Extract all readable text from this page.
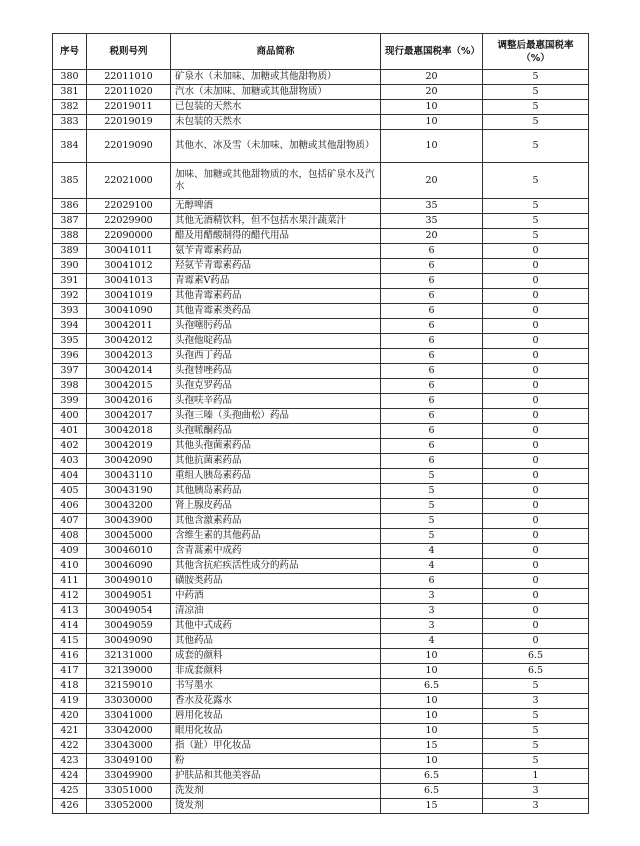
序号	税则号列	商品简称	现行最惠国税率（%）	调整后最惠国税率（%）
380	22011010	矿泉水（未加味、加糖或其他甜物质）	20	5
381	22011020	汽水（未加味、加糖或其他甜物质）	20	5
382	22019011	已包装的天然水	10	5
383	22019019	未包装的天然水	10	5
384	22019090	其他水、冰及雪（未加味、加糖或其他甜物质）	10	5
385	22021000	加味、加糖或其他甜物质的水，包括矿泉水及汽水	20	5
386	22029100	无醇啤酒	35	5
387	22029900	其他无酒精饮料，但不包括水果汁蔬菜汁	35	5
388	22090000	醋及用醋酸制得的醋代用品	20	5
389	30041011	氨苄青霉素药品	6	0
390	30041012	羟氨苄青霉素药品	6	0
391	30041013	青霉素V药品	6	0
392	30041019	其他青霉素药品	6	0
393	30041090	其他青霉素类药品	6	0
394	30042011	头孢噻肟药品	6	0
395	30042012	头孢他啶药品	6	0
396	30042013	头孢西丁药品	6	0
397	30042014	头孢替唑药品	6	0
398	30042015	头孢克罗药品	6	0
399	30042016	头孢呋辛药品	6	0
400	30042017	头孢三嗪（头孢曲松）药品	6	0
401	30042018	头孢哌酮药品	6	0
402	30042019	其他头孢菌素药品	6	0
403	30042090	其他抗菌素药品	6	0
404	30043110	重组人胰岛素药品	5	0
405	30043190	其他胰岛素药品	5	0
406	30043200	肾上腺皮药品	5	0
407	30043900	其他含激素药品	5	0
408	30045000	含维生素的其他药品	5	0
409	30046010	含青蒿素中成药	4	0
410	30046090	其他含抗疟疾活性成分的药品	4	0
411	30049010	磺胺类药品	6	0
412	30049051	中药酒	3	0
413	30049054	清凉油	3	0
414	30049059	其他中式成药	3	0
415	30049090	其他药品	4	0
416	32131000	成套的颜料	10	6.5
417	32139000	非成套颜料	10	6.5
418	32159010	书写墨水	6.5	5
419	33030000	香水及花露水	10	3
420	33041000	唇用化妆品	10	5
421	33042000	眼用化妆品	10	5
422	33043000	指（趾）甲化妆品	15	5
423	33049100	粉	10	5
424	33049900	护肤品和其他美容品	6.5	1
425	33051000	洗发剂	6.5	3
426	33052000	烫发剂	15	3
